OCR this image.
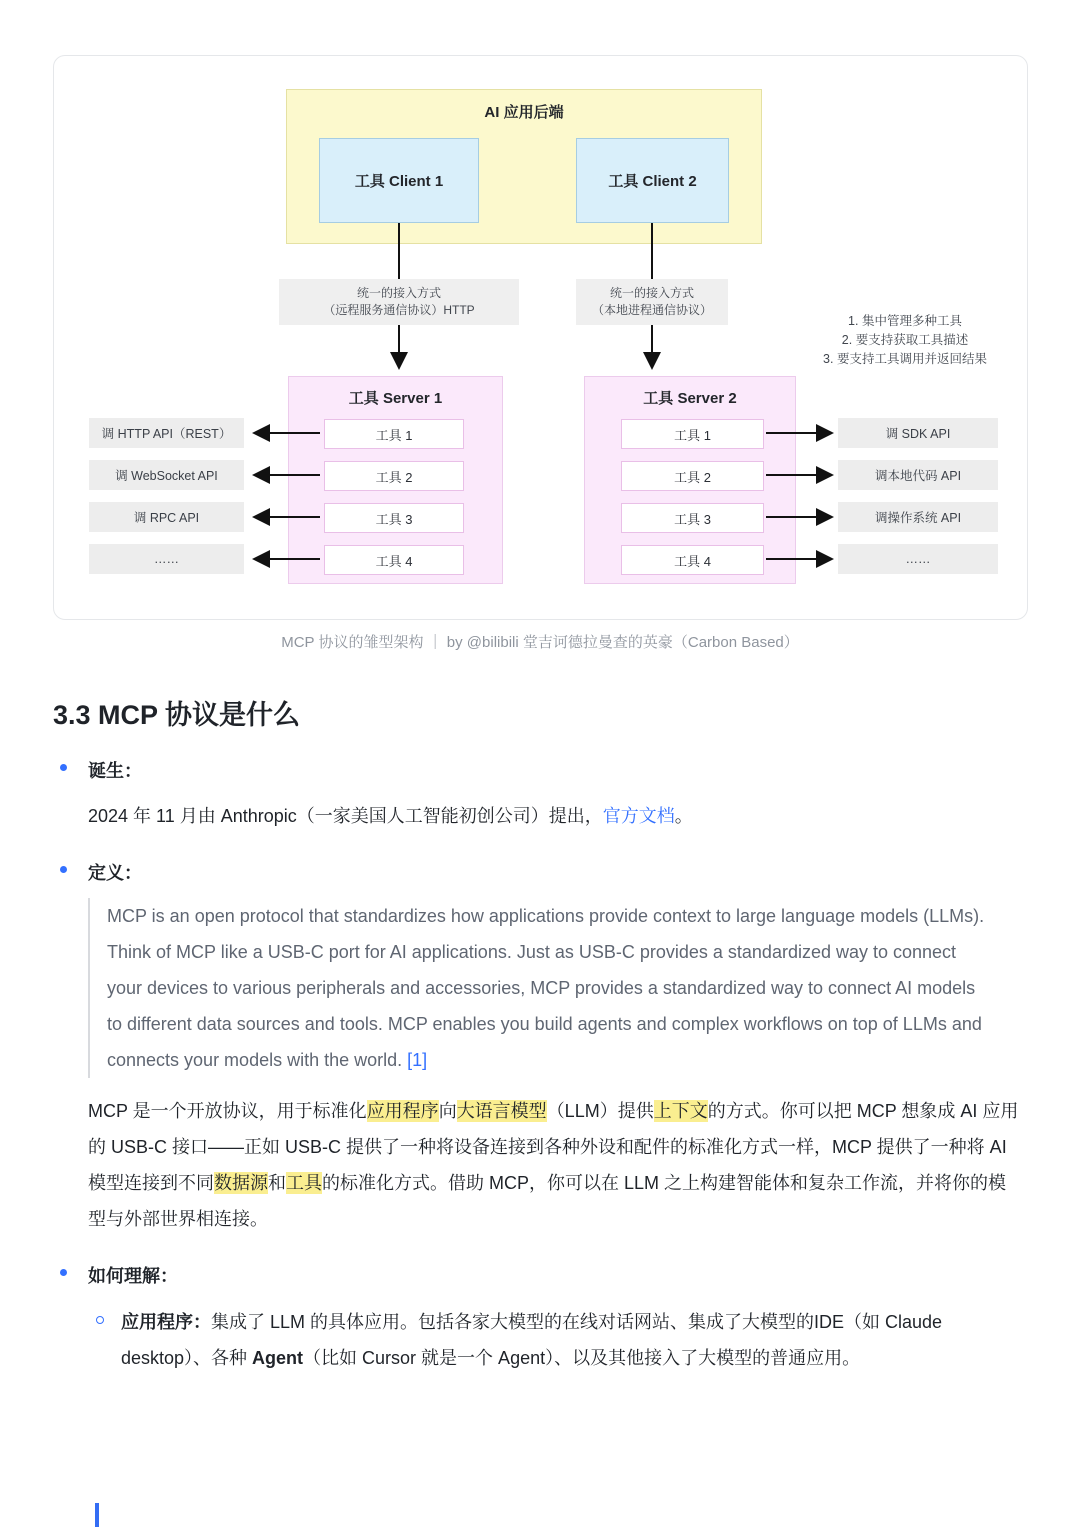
AI 应用后端
工具 Client 1	工具 Client 2
统一的接入方式
（远程服务通信协议）HTTP
统一的接入方式
（本地进程通信协议）
1. 集中管理多种工具
2. 要支持获取工具描述
3. 要支持工具调用并返回结果
工具 Server 1
工具 1
工具 2
工具 3
工具 4
工具 Server 2
工具 1
工具 2
工具 3
工具 4
调 HTTP API（REST）
调 WebSocket API
调 RPC API
……
调 SDK API
调本地代码 API
调操作系统 API
……
MCP 协议的雏型架构 ｜ by @bilibili 堂吉诃德拉曼查的英豪（Carbon Based）
3.3 MCP 协议是什么
诞生：

2024 年 11 月由 Anthropic（一家美国人工智能初创公司）提出，官方文档。

定义：
MCP is an open protocol that standardizes how applications provide context to large language models (LLMs). Think of MCP like a USB-C port for AI applications. Just as USB-C provides a standardized way to connect your devices to various peripherals and accessories, MCP provides a standardized way to connect AI models to different data sources and tools. MCP enables you build agents and complex workflows on top of LLMs and connects your models with the world. [1]

MCP 是一个开放协议，用于标准化应用程序向大语言模型（LLM）提供上下文的方式。你可以把 MCP 想象成 AI 应用的 USB-C 接口——正如 USB-C 提供了一种将设备连接到各种外设和配件的标准化方式一样，MCP 提供了一种将 AI 模型连接到不同数据源和工具的标准化方式。借助 MCP，你可以在 LLM 之上构建智能体和复杂工作流，并将你的模型与外部世界相连接。

如何理解：
应用程序：集成了 LLM 的具体应用。包括各家大模型的在线对话网站、集成了大模型的IDE（如 Claude desktop）、各种 Agent（比如 Cursor 就是一个 Agent）、以及其他接入了大模型的普通应用。
